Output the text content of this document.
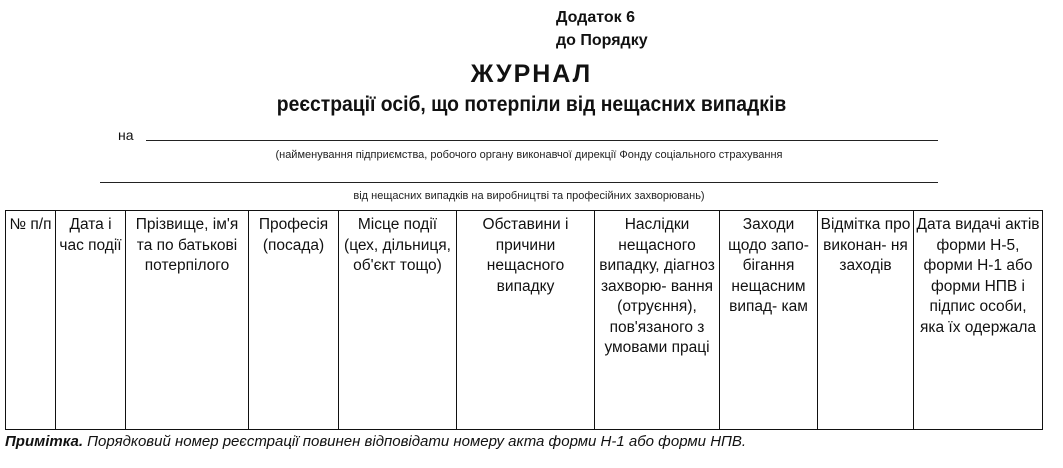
Додаток 6
до Порядку
ЖУРНАЛ
реєстрації осіб, що потерпіли від нещасних випадків
на
(найменування підприємства, робочого органу виконавчої дирекції Фонду соціального страхування
від нещасних випадків на виробництві та професійних захворювань)
№ п/п	Дата і час події	Прізвище, ім'я та по батькові потерпілого	Професія (посада)	Місце події (цех, дільниця, об'єкт тощо)	Обставини і причини нещасного випадку	Наслідки нещасного випадку, діагноз захворю- вання (отруєння), пов'язаного з умовами праці	Заходи щодо запо- бігання нещасним випад- кам	Відмітка про виконан- ня заходів	Дата видачі актів форми Н-5, форми Н-1 або форми НПВ і підпис особи, яка їх одержала
Примітка. Порядковий номер реєстрації повинен відповідати номеру акта форми Н-1 або форми НПВ.
